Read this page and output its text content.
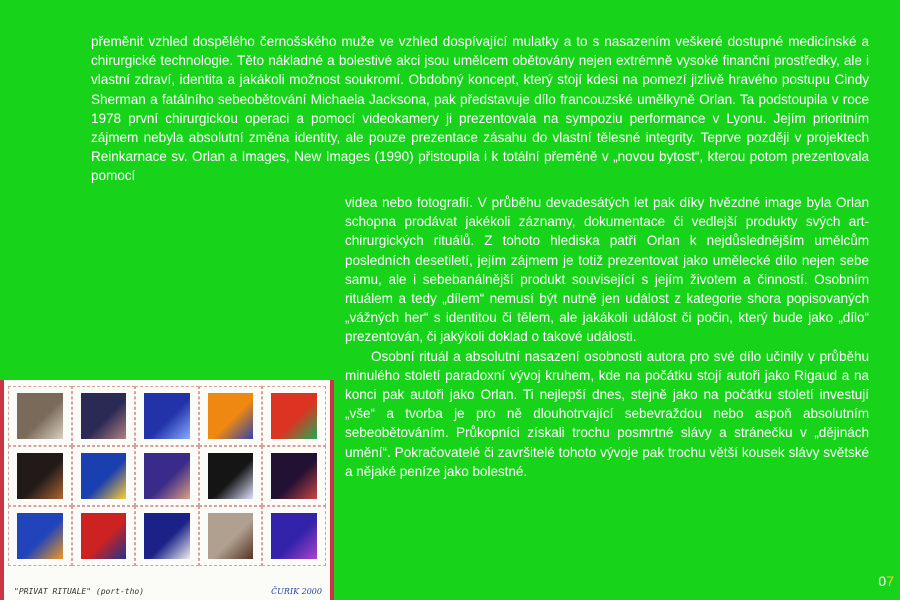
přeměnit vzhled dospělého černošského muže ve vzhled dospívající mulatky a to s nasazením veškeré dostupné medicínské a chirurgické technologie. Těto nákladné a bolestivé akci jsou umělcem obětovány nejen extrémně vysoké finanční prostředky, ale i vlastní zdraví, identita a jakákoli možnost soukromí. Obdobný koncept, který stojí kdesi na pomezí jizlivě hravého postupu Cindy Sherman a fatálního sebeobětování Michaela Jacksona, pak představuje dílo francouzské umělkyně Orlan. Ta podstoupila v roce 1978 první chirurgickou operaci a pomocí videokamery ji prezentovala na sympoziu performance v Lyonu. Jejím prioritním zájmem nebyla absolutní změna identity, ale pouze prezentace zásahu do vlastní tělesné integrity. Teprve později v projektech Reinkarnace sv. Orlan a Images, New Images (1990) přistoupila i k totální přeměně v „novou bytost“, kterou potom prezentovala pomocí

videa nebo fotografií. V průběhu devadesátých let pak díky hvězdné image byla Orlan schopna prodávat jakékoli záznamy, dokumentace či vedlejší produkty svých art- chirurgických rituálů. Z tohoto hlediska patří Orlan k nejdůslednějším umělcům posledních desetiletí, jejím zájmem je totiž prezentovat jako umělecké dílo nejen sebe samu, ale i sebebanálnější produkt související s jejím životem a činností. Osobním rituálem a tedy „dílem“ nemusí být nutně jen událost z kategorie shora popisovaných „vážných her“ s identitou či tělem, ale jakákoli událost či počin, který bude jako „dílo“ prezentován, či jakýkoli doklad o takové události.

Osobní rituál a absolutní nasazení osobnosti autora pro své dílo učinily v průběhu minulého století paradoxní vývoj kruhem, kde na počátku stojí autoři jako Rigaud a na konci pak autoři jako Orlan. Ti nejlepší dnes, stejně jako na počátku století investují „vše“ a tvorba je pro ně dlouhotrvající sebevraždou nebo aspoň absolutním sebeobětováním. Průkopníci získali trochu posmrtné slávy a stránečku v „dějinách umění“. Pokračovatelé či završitelé tohoto vývoje pak trochu větší kousek slávy světské a nějaké peníze jako bolestné.

"PRIVAT RITUALE" (port-tho)	ČURIK 2000
07
